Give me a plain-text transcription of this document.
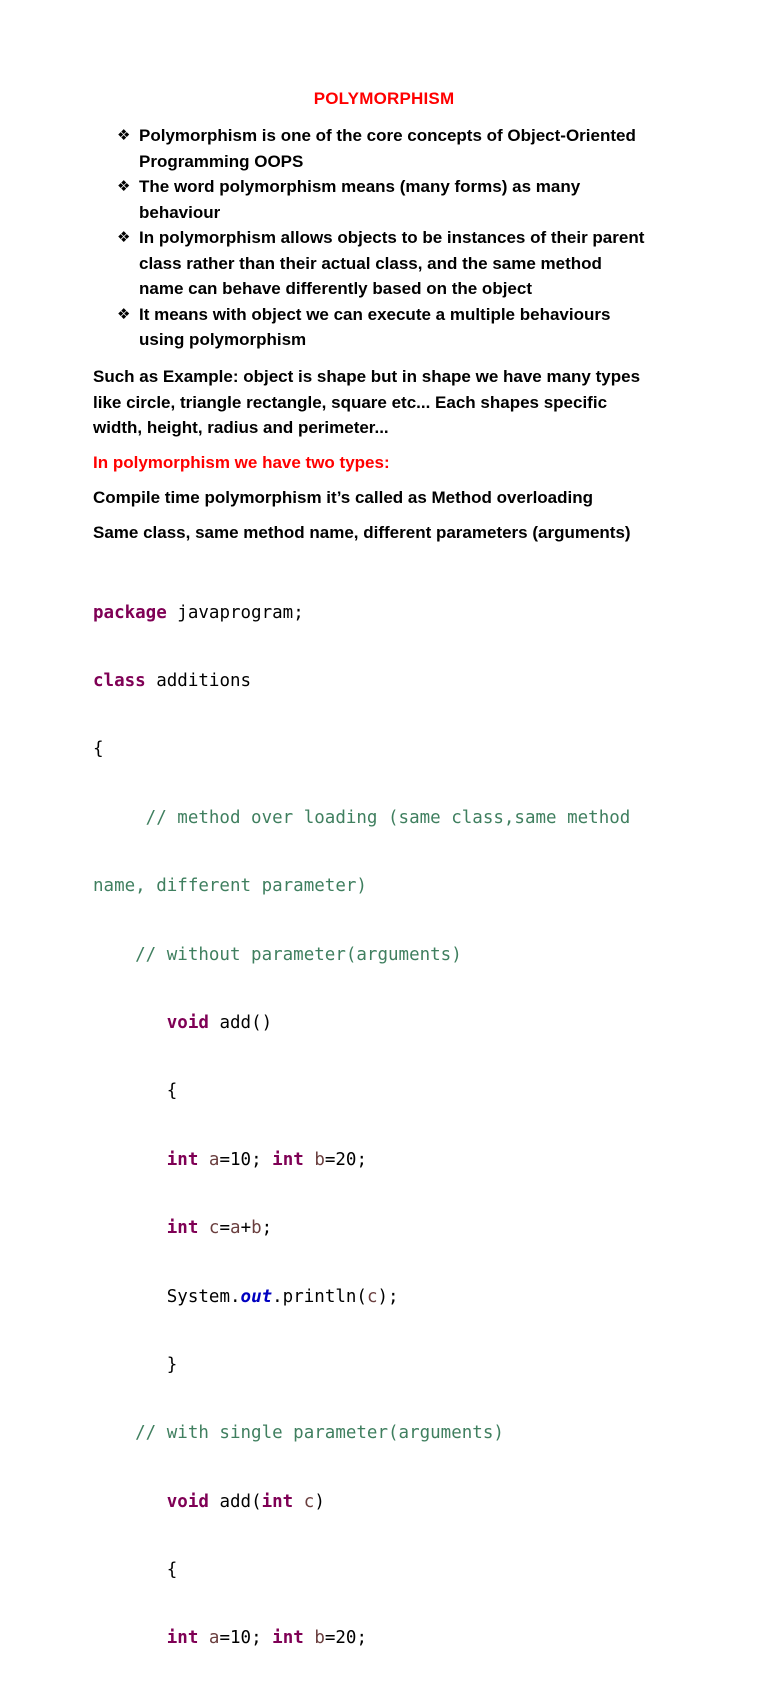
POLYMORPHISM
❖ Polymorphism is one of the core concepts of Object-Oriented
Programming OOPS
❖ The word polymorphism means (many forms) as many
behaviour
❖ In polymorphism allows objects to be instances of their parent
class rather than their actual class, and the same method
name can behave differently based on the object
❖ It means with object we can execute a multiple behaviours
using polymorphism

Such as Example: object is shape but in shape we have many types
like circle, triangle rectangle, square etc... Each shapes specific
width, height, radius and perimeter...

In polymorphism we have two types:

Compile time polymorphism it’s called as Method overloading

Same class, same method name, different parameters (arguments)

package javaprogram;

class additions

{

// method over loading (same class,same method

name, different parameter)

// without parameter(arguments)

void add()

{

int a=10; int b=20;

int c=a+b;

System.out.println(c);

}

// with single parameter(arguments)

void add(int c)

{

int a=10; int b=20;
